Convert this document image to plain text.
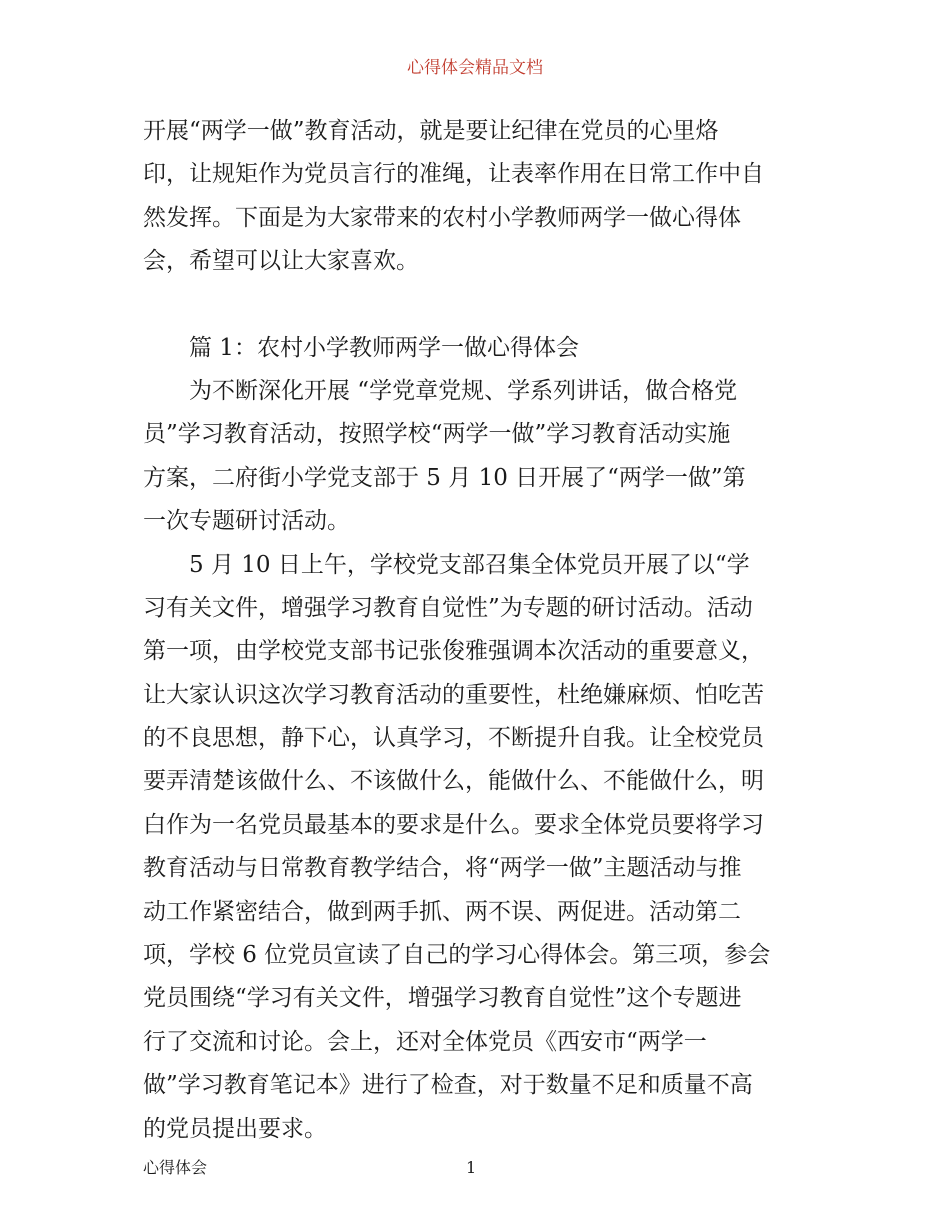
心得体会精品文档
开展“两学一做”教育活动，就是要让纪律在党员的心里烙
印，让规矩作为党员言行的准绳，让表率作用在日常工作中自
然发挥。下面是为大家带来的农村小学教师两学一做心得体
会，希望可以让大家喜欢。
篇 1：农村小学教师两学一做心得体会
为不断深化开展 “学党章党规、学系列讲话，做合格党
员”学习教育活动，按照学校“两学一做”学习教育活动实施
方案，二府街小学党支部于 5 月 10 日开展了“两学一做”第
一次专题研讨活动。
5 月 10 日上午，学校党支部召集全体党员开展了以“学
习有关文件，增强学习教育自觉性”为专题的研讨活动。活动
第一项，由学校党支部书记张俊雅强调本次活动的重要意义，
让大家认识这次学习教育活动的重要性，杜绝嫌麻烦、怕吃苦
的不良思想，静下心，认真学习，不断提升自我。让全校党员
要弄清楚该做什么、不该做什么，能做什么、不能做什么，明
白作为一名党员最基本的要求是什么。要求全体党员要将学习
教育活动与日常教育教学结合，将“两学一做”主题活动与推
动工作紧密结合，做到两手抓、两不误、两促进。活动第二
项，学校 6 位党员宣读了自己的学习心得体会。第三项，参会
党员围绕“学习有关文件，增强学习教育自觉性”这个专题进
行了交流和讨论。会上，还对全体党员《西安市“两学一
做”学习教育笔记本》进行了检查，对于数量不足和质量不高
的党员提出要求。
心得体会	1
